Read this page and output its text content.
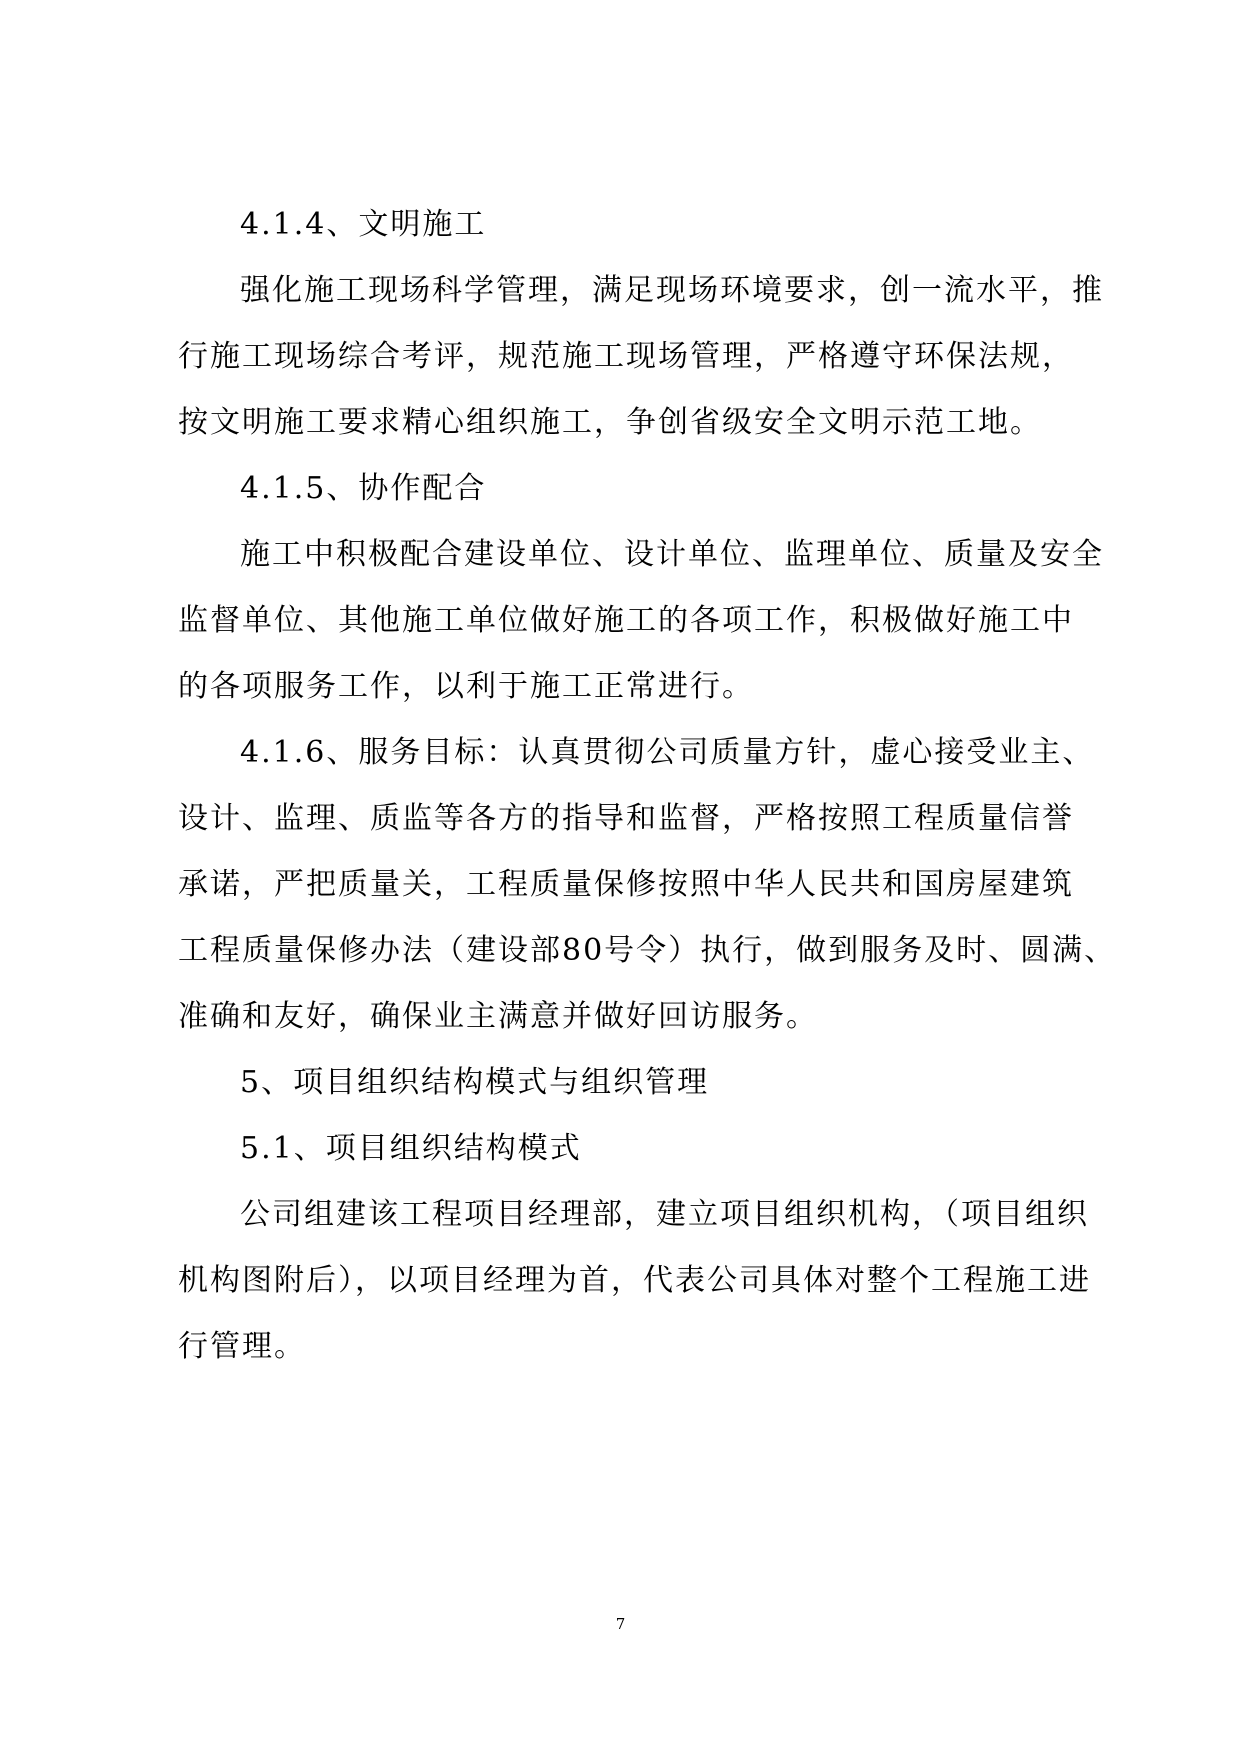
4.1.4、文明施工
强化施工现场科学管理，满足现场环境要求，创一流水平，推
行施工现场综合考评，规范施工现场管理，严格遵守环保法规，
按文明施工要求精心组织施工，争创省级安全文明示范工地。
4.1.5、协作配合
施工中积极配合建设单位、设计单位、监理单位、质量及安全
监督单位、其他施工单位做好施工的各项工作，积极做好施工中
的各项服务工作，以利于施工正常进行。
4.1.6、服务目标：认真贯彻公司质量方针，虚心接受业主、
设计、监理、质监等各方的指导和监督，严格按照工程质量信誉
承诺，严把质量关，工程质量保修按照中华人民共和国房屋建筑
工程质量保修办法（建设部80号令）执行，做到服务及时、圆满、
准确和友好，确保业主满意并做好回访服务。
5、项目组织结构模式与组织管理
5.1、项目组织结构模式
公司组建该工程项目经理部，建立项目组织机构，（项目组织
机构图附后），以项目经理为首，代表公司具体对整个工程施工进
行管理。
7
